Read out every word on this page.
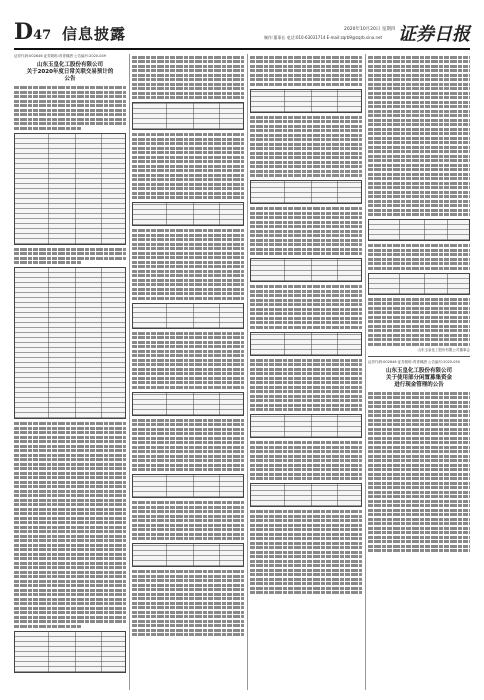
D47 信息披露	2020年10月20日 星期四
制作:董事长 电话:010-63031714 E-mail:zqrb9@zqrb.sina.net 证券日报
证券代码:002646 证券简称:青青稞酒 公告编号:2020-049
山东玉皇化工股份有限公司
关于2020年度日常关联交易预计的
公告
山东玉皇化工股份有限公司董事会
证券代码:002646 证券简称:青青稞酒 公告编号:2020-050
山东玉皇化工股份有限公司
关于使用部分闲置募集资金
进行现金管理的公告
